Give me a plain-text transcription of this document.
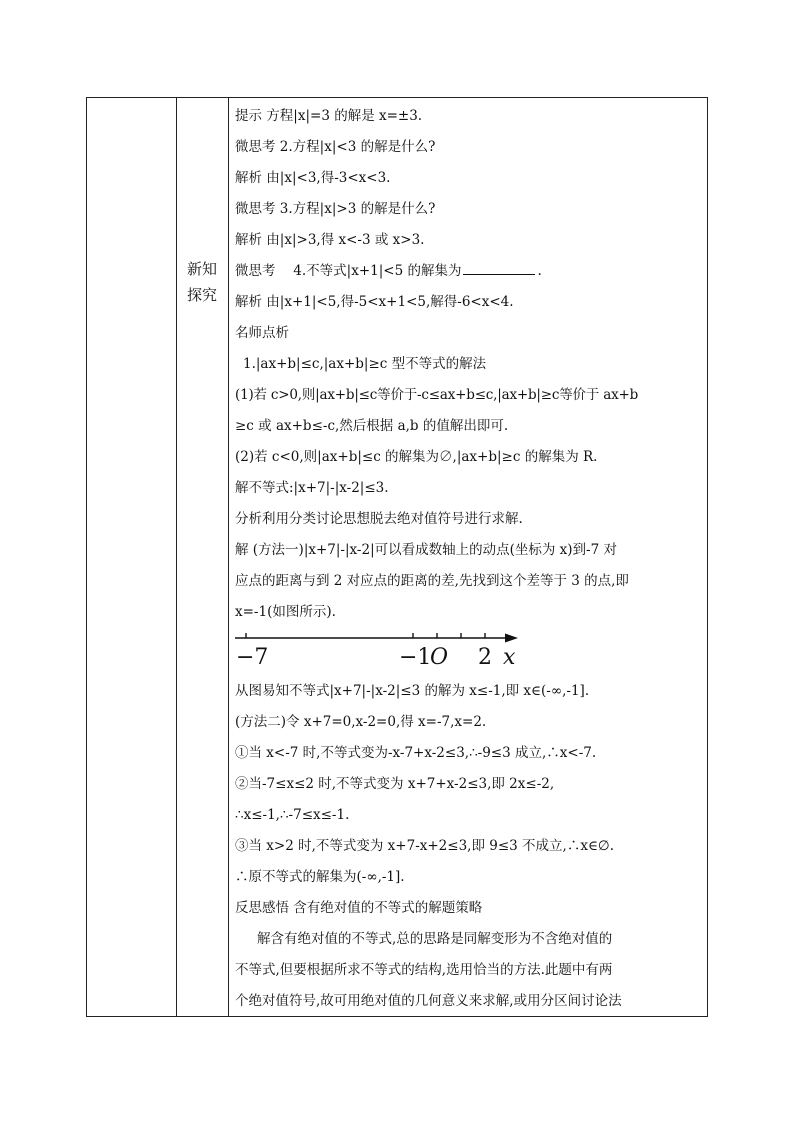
新知
探究
提示 方程|x|=3 的解是 x=±3.
微思考 2.方程|x|<3 的解是什么?
解析 由|x|<3,得-3<x<3.
微思考 3.方程|x|>3 的解是什么?
解析 由|x|>3,得 x<-3 或 x>3.
微思考　 4.不等式|x+1|<5 的解集为	.
解析 由|x+1|<5,得-5<x+1<5,解得-6<x<4.
名师点析
1.|ax+b|≤c,|ax+b|≥c 型不等式的解法
(1)若 c>0,则|ax+b|≤c等价于-c≤ax+b≤c,|ax+b|≥c等价于 ax+b
≥c 或 ax+b≤-c,然后根据 a,b 的值解出即可.
(2)若 c<0,则|ax+b|≤c 的解集为∅,|ax+b|≥c 的解集为 R.
解不等式:|x+7|-|x-2|≤3.
分析利用分类讨论思想脱去绝对值符号进行求解.
解 (方法一)|x+7|-|x-2|可以看成数轴上的动点(坐标为 x)到-7 对
应点的距离与到 2 对应点的距离的差,先找到这个差等于 3 的点,即
x=-1(如图所示).
−7	−1
O 2 x
从图易知不等式|x+7|-|x-2|≤3 的解为 x≤-1,即 x∈(-∞,-1].
(方法二)令 x+7=0,x-2=0,得 x=-7,x=2.
①当 x<-7 时,不等式变为-x-7+x-2≤3,∴-9≤3 成立,∴x<-7.
②当-7≤x≤2 时,不等式变为 x+7+x-2≤3,即 2x≤-2,
∴x≤-1,∴-7≤x≤-1.
③当 x>2 时,不等式变为 x+7-x+2≤3,即 9≤3 不成立,∴x∈∅.
∴原不等式的解集为(-∞,-1].
反思感悟 含有绝对值的不等式的解题策略
解含有绝对值的不等式,总的思路是同解变形为不含绝对值的
不等式,但要根据所求不等式的结构,选用恰当的方法.此题中有两
个绝对值符号,故可用绝对值的几何意义来求解,或用分区间讨论法
